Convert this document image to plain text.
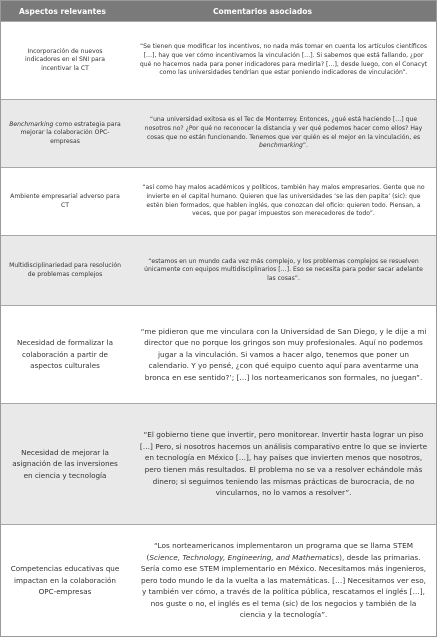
Aspectos relevantes	Comentarios asociados
Incorporación de nuevos indicadores en el SNI para incentivar la CT
“Se tienen que modificar los incentivos, no nada más tomar en cuenta los artículos científicos […], hay que ver cómo incentivamos la vinculación […]. Si sabemos que está fallando, ¿por qué no hacemos nada para poner indicadores para medirla? […], desde luego, con el Conacyt como las universidades tendrían que estar poniendo indicadores de vinculación”.
Benchmarking como estrategia para mejorar la colaboración OPC-empresas
“una universidad exitosa es el Tec de Monterrey. Entonces, ¿qué está haciendo […] que nosotros no? ¿Por qué no reconocer la distancia y ver qué podemos hacer como ellos? Hay cosas que no están funcionando. Tenemos que ver quién es el mejor en la vinculación, es benchmarking”.
Ambiente empresarial adverso para CT
“así como hay malos académicos y políticos, también hay malos empresarios. Gente que no invierte en el capital humano. Quieren que las universidades ‘se las den papita’ (sic): que estén bien formados, que hablen inglés, que conozcan del oficio: quieren todo. Piensan, a veces, que por pagar impuestos son merecedores de todo”.
Multidisciplinariedad para resolución de problemas complejos
“estamos en un mundo cada vez más complejo, y los problemas complejos se resuelven únicamente con equipos multidisciplinarios […]. Eso se necesita para poder sacar adelante las cosas”.
Necesidad de formalizar la colaboración a partir de aspectos culturales
“me pidieron que me vinculara con la Universidad de San Diego, y le dije a mi director que no porque los gringos son muy profesionales. Aquí no podemos jugar a la vinculación. Si vamos a hacer algo, tenemos que poner un calendario. Y yo pensé, ¿con qué equipo cuento aquí para aventarme una bronca en ese sentido?’; […] los norteamericanos son formales, no juegan”.
Necesidad de mejorar la asignación de las inversiones en ciencia y tecnología
“El gobierno tiene que invertir, pero monitorear. Invertir hasta lograr un piso […] Pero, si nosotros hacemos un análisis comparativo entre lo que se invierte en tecnología en México […], hay países que invierten menos que nosotros, pero tienen más resultados. El problema no se va a resolver echándole más dinero; si seguimos teniendo las mismas prácticas de burocracia, de no vincularnos, no lo vamos a resolver”.
Competencias educativas que impactan en la colaboración OPC-empresas
“Los norteamericanos implementaron un programa que se llama STEM (Science, Technology, Engineering, and Mathematics), desde las primarias. Sería como ese STEM implementario en México. Necesitamos más ingenieros, pero todo mundo le da la vuelta a las matemáticas. […] Necesitamos ver eso, y también ver cómo, a través de la política pública, rescatamos el inglés […], nos guste o no, el inglés es el tema (sic) de los negocios y también de la ciencia y la tecnología”.
